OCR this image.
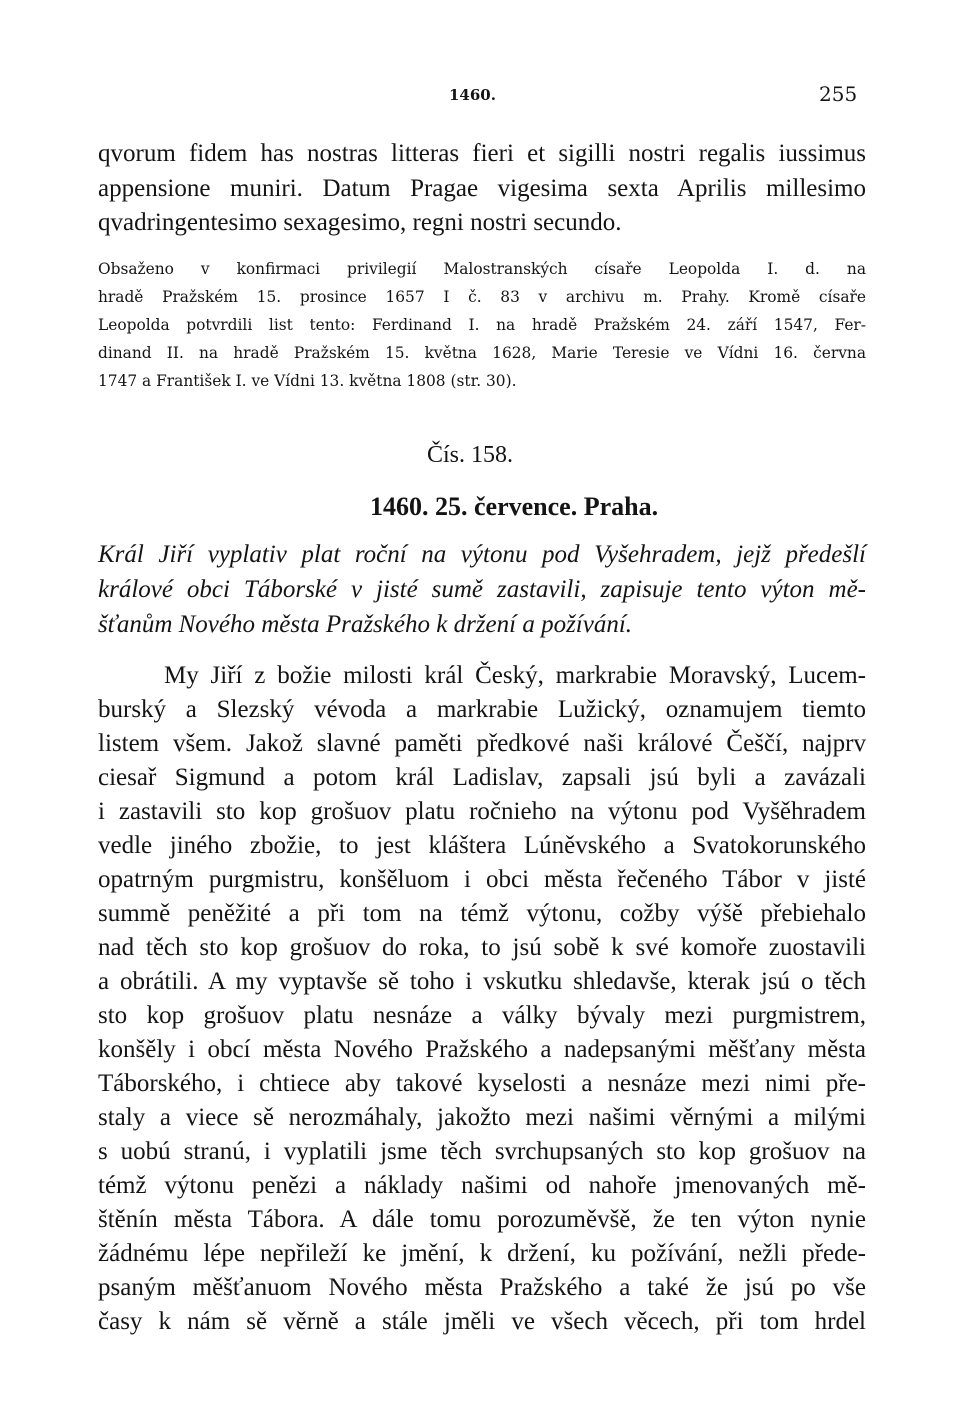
1460.	255
qvorum fidem has nostras litteras fieri et sigilli nostri regalis iussimus
appensione muniri. Datum Pragae vigesima sexta Aprilis millesimo
qvadringentesimo sexagesimo, regni nostri secundo.
Obsaženo v konfirmaci privilegií Malostranských císaře Leopolda I. d. na
hradě Pražském 15. prosince 1657 I č. 83 v archivu m. Prahy. Kromě císaře
Leopolda potvrdili list tento: Ferdinand I. na hradě Pražském 24. září 1547, Fer-
dinand II. na hradě Pražském 15. května 1628, Marie Teresie ve Vídni 16. června
1747 a František I. ve Vídni 13. května 1808 (str. 30).
Čís. 158.
1460. 25. července. Praha.
Král Jiří vyplativ plat roční na výtonu pod Vyšehradem, jejž předešlí
králové obci Táborské v jisté sumě zastavili, zapisuje tento výton mě-
šťanům Nového města Pražského k držení a požívání.
My Jiří z božie milosti král Český, markrabie Moravský, Lucem-
burský a Slezský vévoda a markrabie Lužický, oznamujem tiemto
listem všem. Jakož slavné paměti předkové naši králové Češčí, najprv
ciesař Sigmund a potom král Ladislav, zapsali jsú byli a zavázali
i zastavili sto kop grošuov platu ročnieho na výtonu pod Vyšěhradem
vedle jiného zbožie, to jest kláštera Lúněvského a Svatokorunského
opatrným purgmistru, konšěluom i obci města řečeného Tábor v jisté
summě peněžité a při tom na témž výtonu, cožby výšě přebiehalo
nad těch sto kop grošuov do roka, to jsú sobě k své komoře zuostavili
a obrátili. A my vyptavše sě toho i vskutku shledavše, kterak jsú o těch
sto kop grošuov platu nesnáze a války bývaly mezi purgmistrem,
konšěly i obcí města Nového Pražského a nadepsanými měšťany města
Táborského, i chtiece aby takové kyselosti a nesnáze mezi nimi pře-
staly a viece sě nerozmáhaly, jakožto mezi našimi věrnými a milými
s uobú stranú, i vyplatili jsme těch svrchupsaných sto kop grošuov na
témž výtonu penězi a náklady našimi od nahoře jmenovaných mě-
štěnín města Tábora. A dále tomu porozuměvšě, že ten výton nynie
žádnému lépe nepřileží ke jmění, k držení, ku požívání, nežli přede-
psaným měšťanuom Nového města Pražského a také že jsú po vše
časy k nám sě věrně a stále jměli ve všech věcech, při tom hrdel
